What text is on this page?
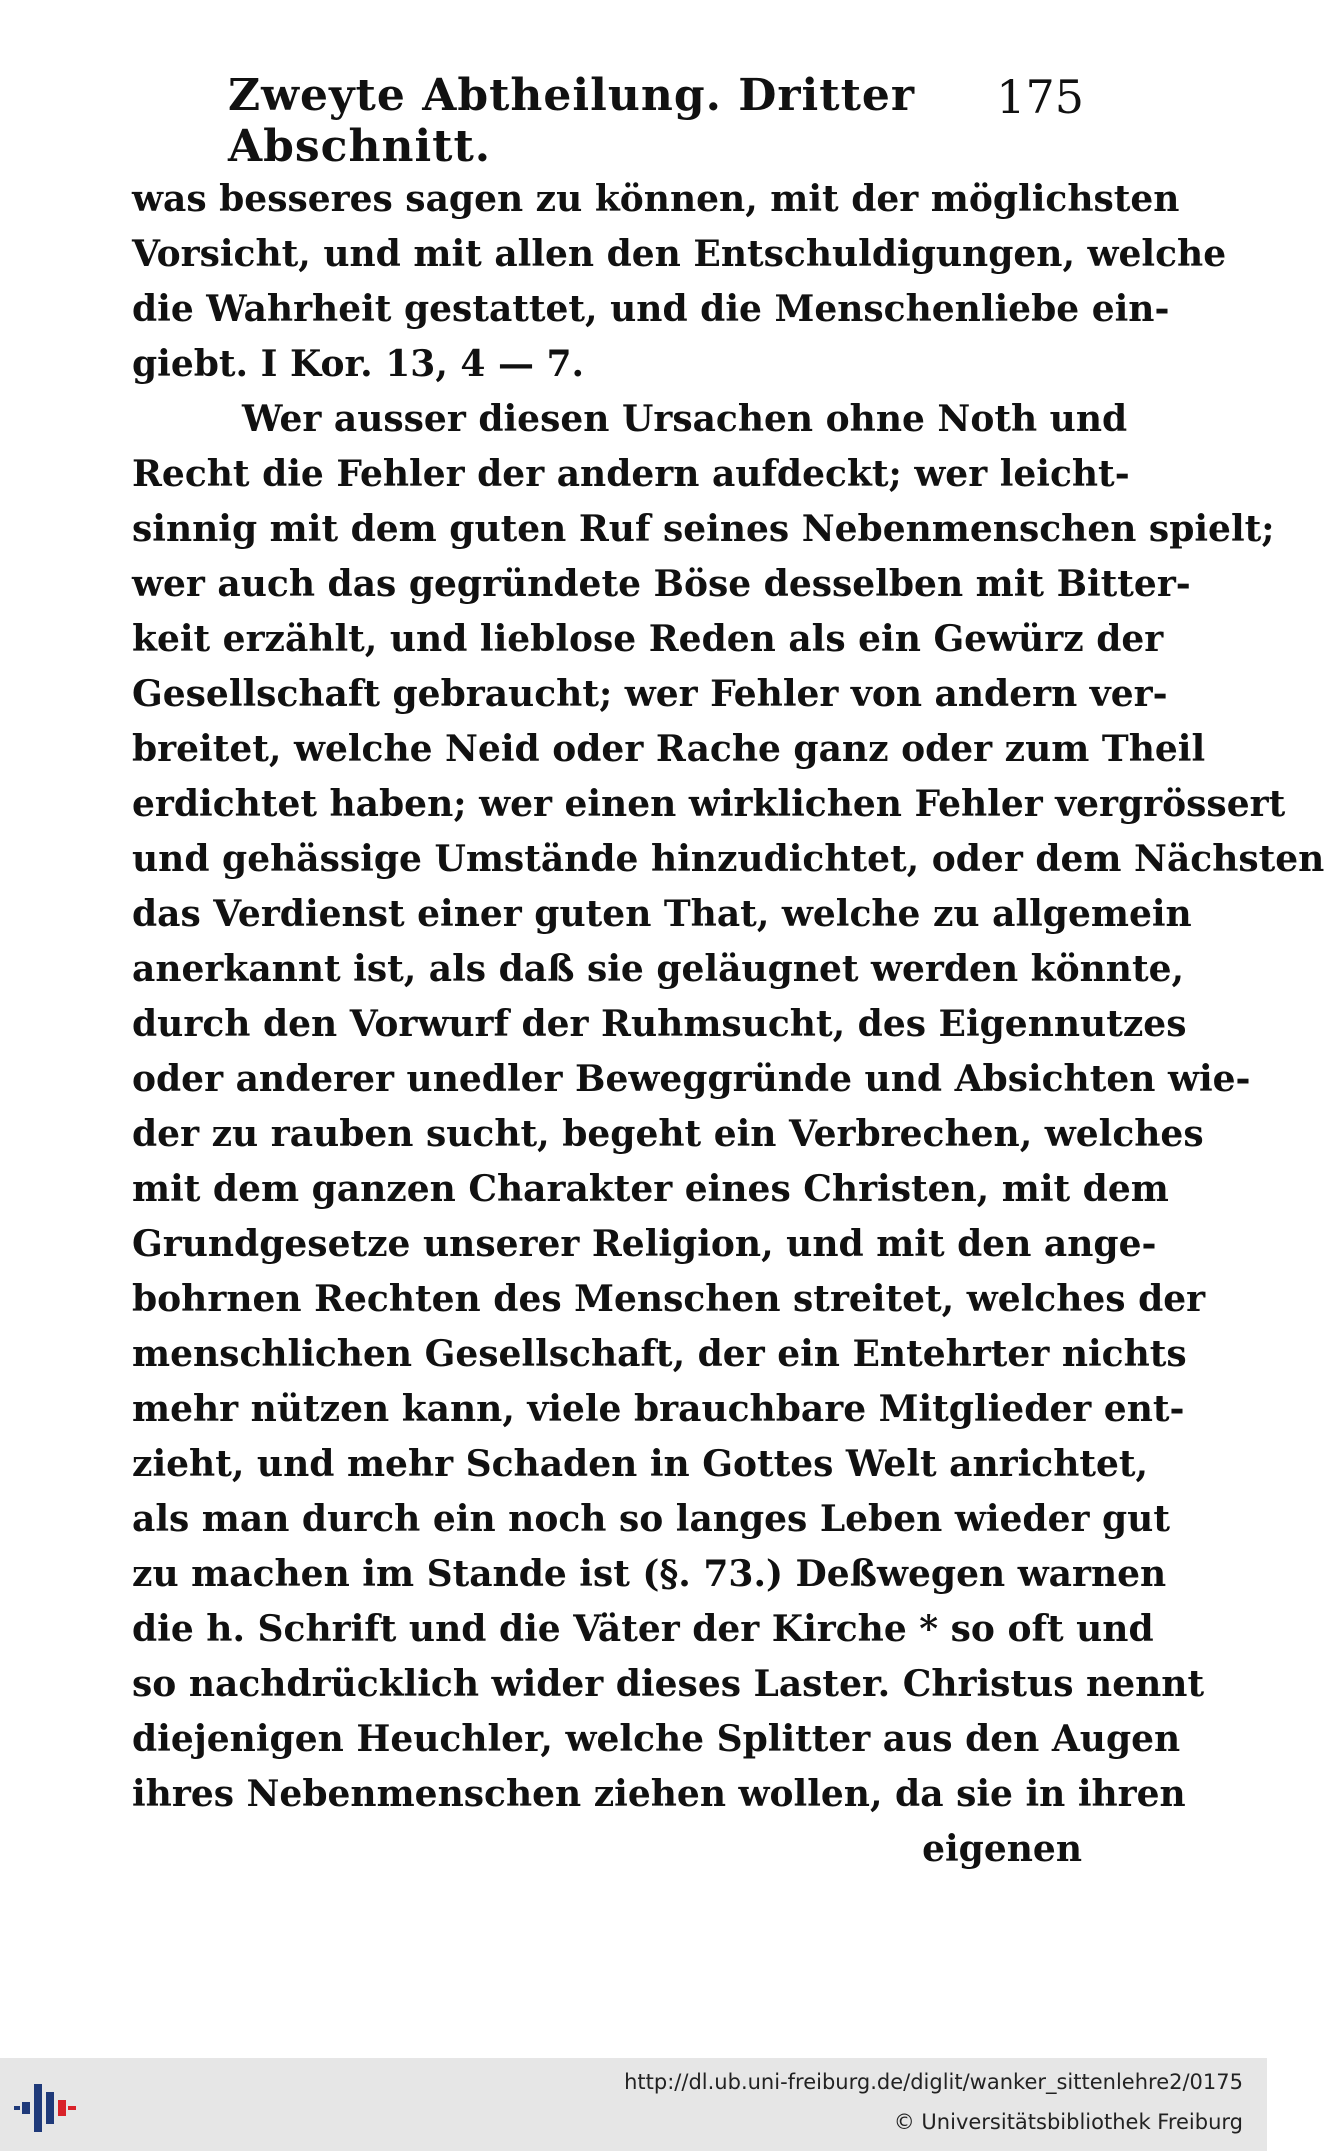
Zweyte Abtheilung. Dritter Abschnitt.
175
was besseres sagen zu können, mit der möglichsten
Vorsicht, und mit allen den Entschuldigungen, welche
die Wahrheit gestattet, und die Menschenliebe ein-
giebt. I Kor. 13, 4 — 7.
Wer ausser diesen Ursachen ohne Noth und
Recht die Fehler der andern aufdeckt; wer leicht-
sinnig mit dem guten Ruf seines Nebenmenschen spielt;
wer auch das gegründete Böse desselben mit Bitter-
keit erzählt, und lieblose Reden als ein Gewürz der
Gesellschaft gebraucht; wer Fehler von andern ver-
breitet, welche Neid oder Rache ganz oder zum Theil
erdichtet haben; wer einen wirklichen Fehler vergrössert
und gehässige Umstände hinzudichtet, oder dem Nächsten
das Verdienst einer guten That, welche zu allgemein
anerkannt ist, als daß sie geläugnet werden könnte,
durch den Vorwurf der Ruhmsucht, des Eigennutzes
oder anderer unedler Beweggründe und Absichten wie-
der zu rauben sucht, begeht ein Verbrechen, welches
mit dem ganzen Charakter eines Christen, mit dem
Grundgesetze unserer Religion, und mit den ange-
bohrnen Rechten des Menschen streitet, welches der
menschlichen Gesellschaft, der ein Entehrter nichts
mehr nützen kann, viele brauchbare Mitglieder ent-
zieht, und mehr Schaden in Gottes Welt anrichtet,
als man durch ein noch so langes Leben wieder gut
zu machen im Stande ist (§. 73.) Deßwegen warnen
die h. Schrift und die Väter der Kirche * so oft und
so nachdrücklich wider dieses Laster. Christus nennt
diejenigen Heuchler, welche Splitter aus den Augen
ihres Nebenmenschen ziehen wollen, da sie in ihren
eigenen
http://dl.ub.uni-freiburg.de/diglit/wanker_sittenlehre2/0175
© Universitätsbibliothek Freiburg
